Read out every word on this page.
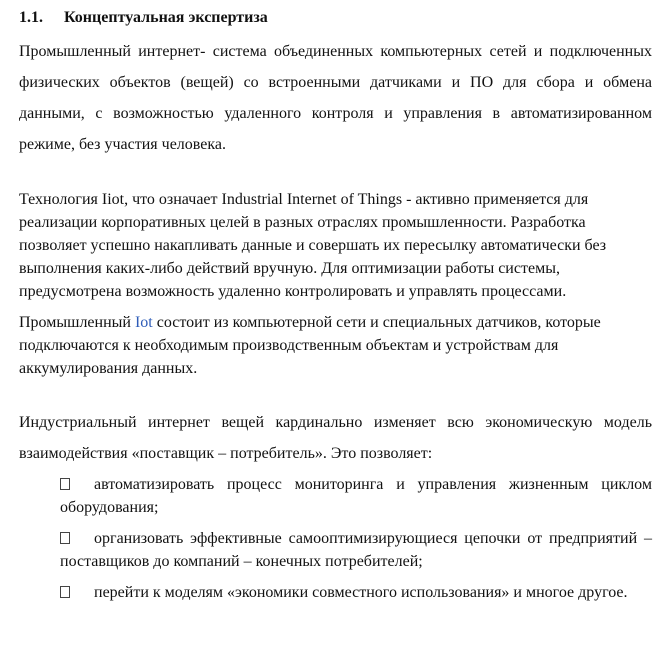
1.1.	Концептуальная экспертиза

Промышленный интернет- система объединенных компьютерных сетей и подключенных физических объектов (вещей) со встроенными датчиками и ПО для сбора и обмена данными, с возможностью удаленного контроля и управления в автоматизированном режиме, без участия человека.

Технология Iiot, что означает Industrial Internet of Things - активно применяется для реализации корпоративных целей в разных отраслях промышленности. Разработка позволяет успешно накапливать данные и совершать их пересылку автоматически без выполнения каких-либо действий вручную. Для оптимизации работы системы, предусмотрена возможность удаленно контролировать и управлять процессами.

Промышленный Iot состоит из компьютерной сети и специальных датчиков, которые подключаются к необходимым производственным объектам и устройствам для аккумулирования данных.

Индустриальный интернет вещей кардинально изменяет всю экономическую модель взаимодействия «поставщик – потребитель». Это позволяет:

автоматизировать процесс мониторинга и управления жизненным циклом оборудования;
организовать эффективные самооптимизирующиеся цепочки от предприятий – поставщиков до компаний – конечных потребителей;
перейти к моделям «экономики совместного использования» и многое другое.
